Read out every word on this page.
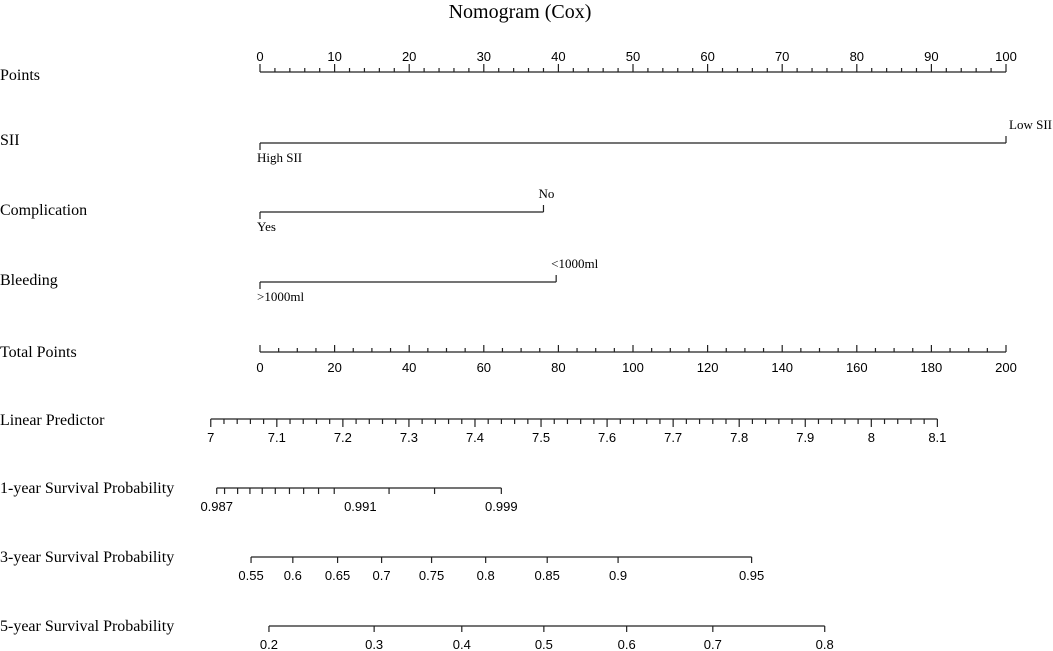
Nomogram (Cox)
Points
0	10	20	30	40	50	60	70	80	90	100
SII
High SII
Low SII
Complication
Yes
No
Bleeding
>1000ml
<1000ml
Total Points
0	20	40	60	80	100	120	140	160	180	200
Linear Predictor
7	7.1	7.2	7.3	7.4	7.5	7.6	7.7	7.8	7.9	8	8.1
1-year Survival Probability
0.987	0.991	0.999
3-year Survival Probability
0.55 0.6 0.65 0.7 0.75 0.8	0.85	0.9	0.95
5-year Survival Probability
0.2	0.3	0.4	0.5	0.6	0.7	0.8
